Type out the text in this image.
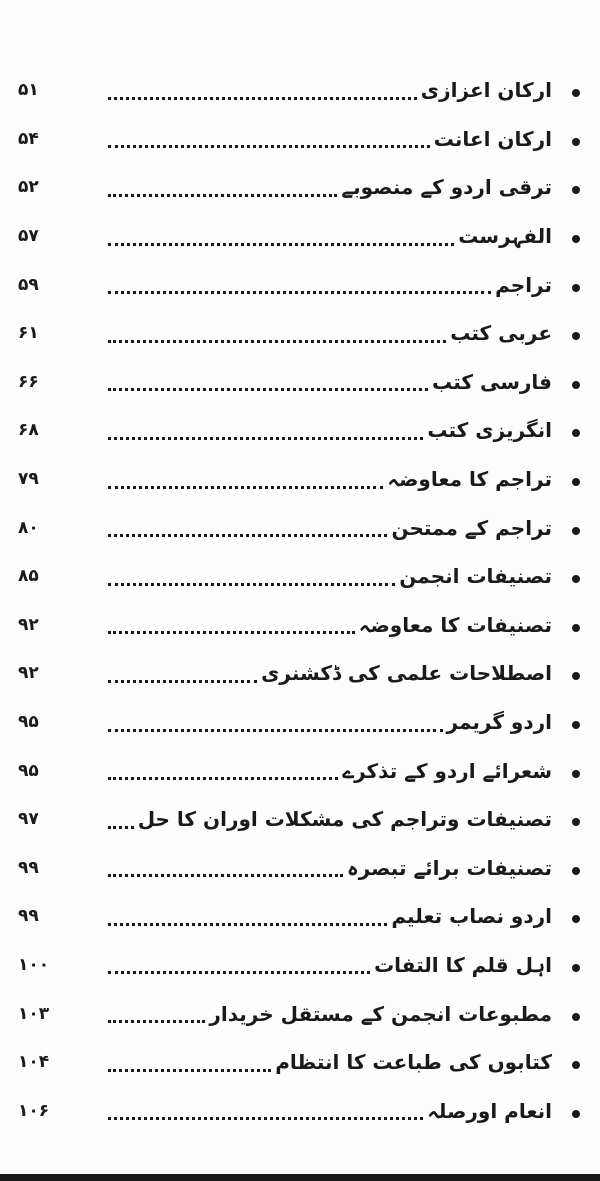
ارکان اعزازی
۵۱
ارکان اعانت
۵۴
ترقی اردو کے منصوبے
۵۲
الفہرست
۵۷
تراجم
۵۹
عربی کتب
۶۱
فارسی کتب
۶۶
انگریزی کتب
۶۸
تراجم کا معاوضہ
۷۹
تراجم کے ممتحن
۸۰
تصنیفات انجمن
۸۵
تصنیفات کا معاوضہ
۹۲
اصطلاحات علمی کی ڈکشنری
۹۲
اردو گریمر
۹۵
شعرائے اردو کے تذکرے
۹۵
تصنیفات وتراجم کی مشکلات اوران کا حل
۹۷
تصنیفات برائے تبصرہ
۹۹
اردو نصاب تعلیم
۹۹
اہل قلم کا التفات
۱۰۰
مطبوعات انجمن کے مستقل خریدار
۱۰۳
کتابوں کی طباعت کا انتظام
۱۰۴
انعام اورصلہ
۱۰۶
